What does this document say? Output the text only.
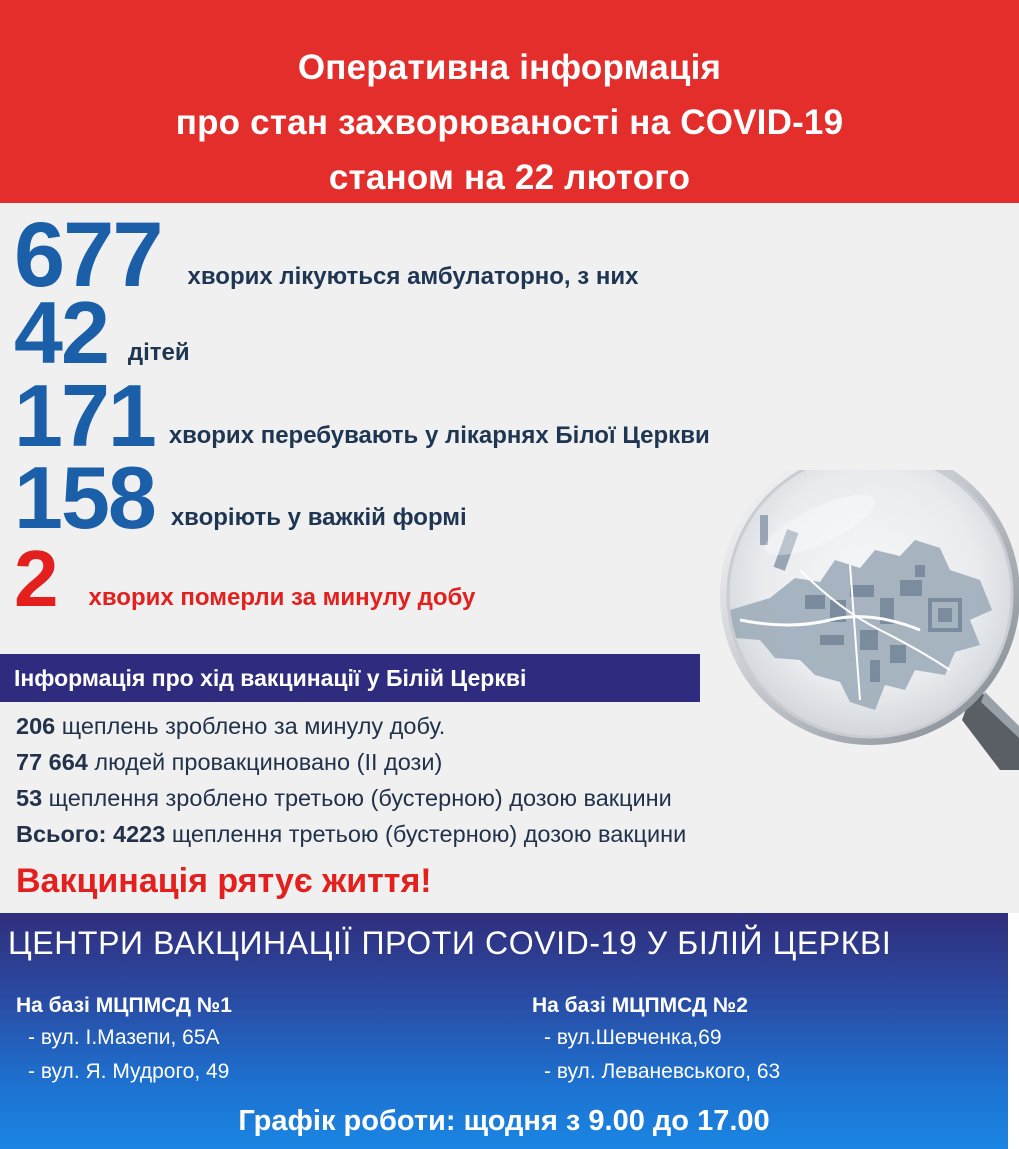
Оперативна інформація
про стан захворюваності на COVID-19
станом на 22 лютого
677 хворих лікуються амбулаторно, з них
42 дітей
171 хворих перебувають у лікарнях Білої Церкви
158 хворіють у важкій формі
2 хворих померли за минулу добу
Інформація про хід вакцинації у Білій Церкві
206 щеплень зроблено за минулу добу.
77 664 людей провакциновано (ІІ дози)
53 щеплення зроблено третьою (бустерною) дозою вакцини
Всього: 4223 щеплення третьою (бустерною) дозою вакцини
Вакцинація рятує життя!
ЦЕНТРИ ВАКЦИНАЦІЇ ПРОТИ COVID-19 У БІЛІЙ ЦЕРКВІ
На базі МЦПМСД №1
- вул. І.Мазепи, 65А
- вул. Я. Мудрого, 49
На базі МЦПМСД №2
- вул.Шевченка,69
- вул. Леваневського, 63
Графік роботи: щодня з 9.00 до 17.00
